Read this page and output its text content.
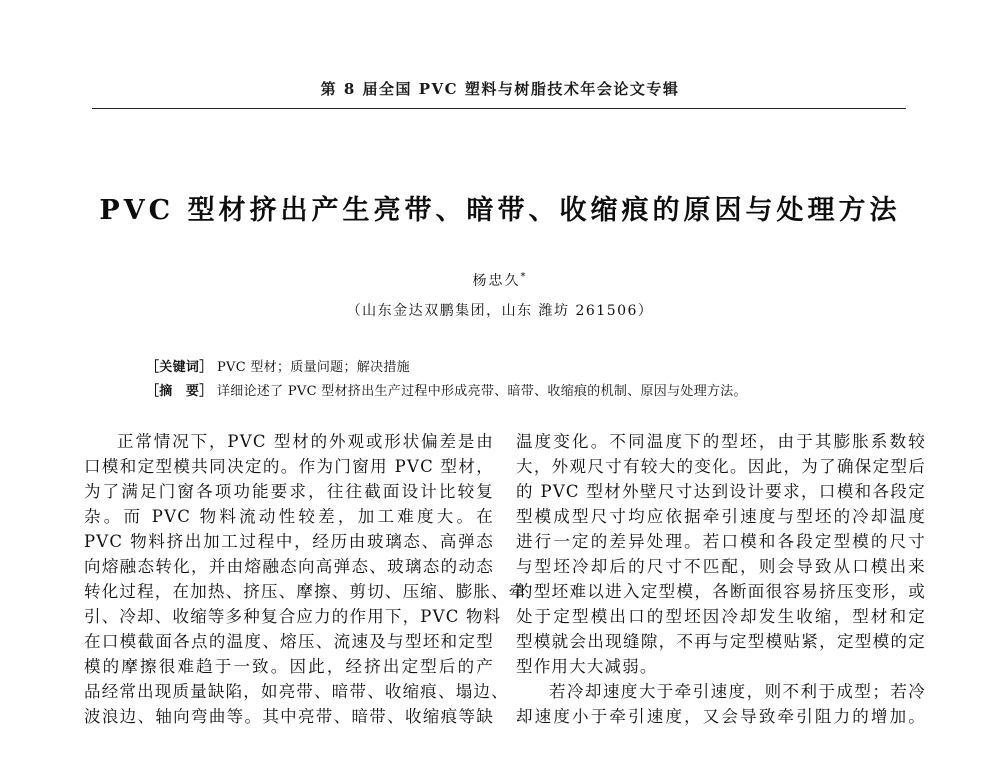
第 8 届全国 PVC 塑料与树脂技术年会论文专辑
PVC 型材挤出产生亮带、暗带、收缩痕的原因与处理方法
杨忠久*
（山东金达双鹏集团，山东 潍坊 261506）
［关键词］ PVC 型材；质量问题；解决措施
［摘　要］ 详细论述了 PVC 型材挤出生产过程中形成亮带、暗带、收缩痕的机制、原因与处理方法。
正常情况下，PVC 型材的外观或形状偏差是由
口模和定型模共同决定的。作为门窗用 PVC 型材，
为了满足门窗各项功能要求，往往截面设计比较复
杂。而 PVC 物料流动性较差，加工难度大。在
PVC 物料挤出加工过程中，经历由玻璃态、高弹态
向熔融态转化，并由熔融态向高弹态、玻璃态的动态
转化过程，在加热、挤压、摩擦、剪切、压缩、膨胀、牵
引、冷却、收缩等多种复合应力的作用下，PVC 物料
在口模截面各点的温度、熔压、流速及与型坯和定型
模的摩擦很难趋于一致。因此，经挤出定型后的产
品经常出现质量缺陷，如亮带、暗带、收缩痕、塌边、
波浪边、轴向弯曲等。其中亮带、暗带、收缩痕等缺
温度变化。不同温度下的型坯，由于其膨胀系数较
大，外观尺寸有较大的变化。因此，为了确保定型后
的 PVC 型材外壁尺寸达到设计要求，口模和各段定
型模成型尺寸均应依据牵引速度与型坯的冷却温度
进行一定的差异处理。若口模和各段定型模的尺寸
与型坯冷却后的尺寸不匹配，则会导致从口模出来
的型坯难以进入定型模，各断面很容易挤压变形，或
处于定型模出口的型坯因冷却发生收缩，型材和定
型模就会出现缝隙，不再与定型模贴紧，定型模的定
型作用大大减弱。
若冷却速度大于牵引速度，则不利于成型；若冷
却速度小于牵引速度，又会导致牵引阻力的增加。
